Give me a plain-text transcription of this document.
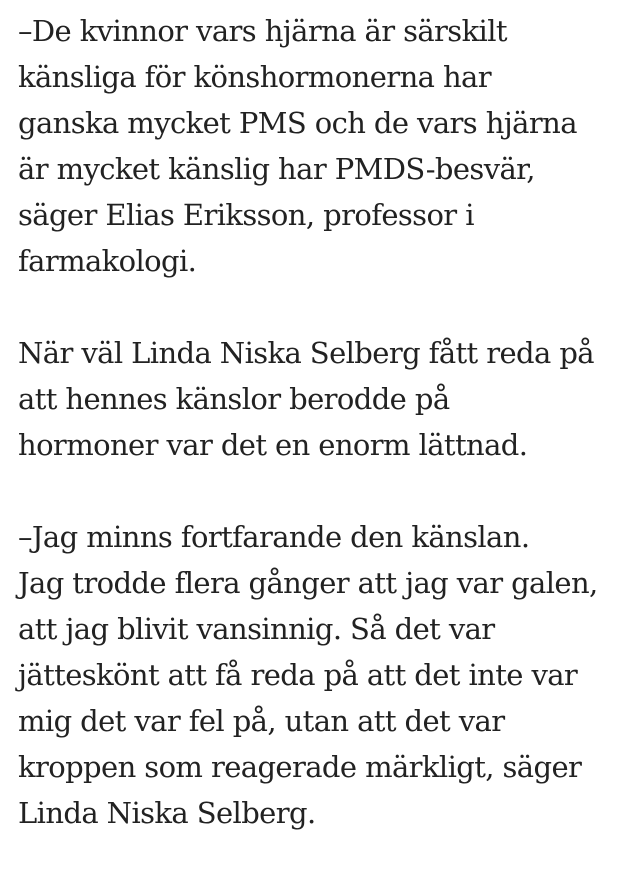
–De kvinnor vars hjärna är särskilt
känsliga för könshormonerna har
ganska mycket PMS och de vars hjärna
är mycket känslig har PMDS-besvär,
säger Elias Eriksson, professor i
farmakologi.

När väl Linda Niska Selberg fått reda på
att hennes känslor berodde på
hormoner var det en enorm lättnad.

–Jag minns fortfarande den känslan.
Jag trodde flera gånger att jag var galen,
att jag blivit vansinnig. Så det var
jätteskönt att få reda på att det inte var
mig det var fel på, utan att det var
kroppen som reagerade märkligt, säger
Linda Niska Selberg.
